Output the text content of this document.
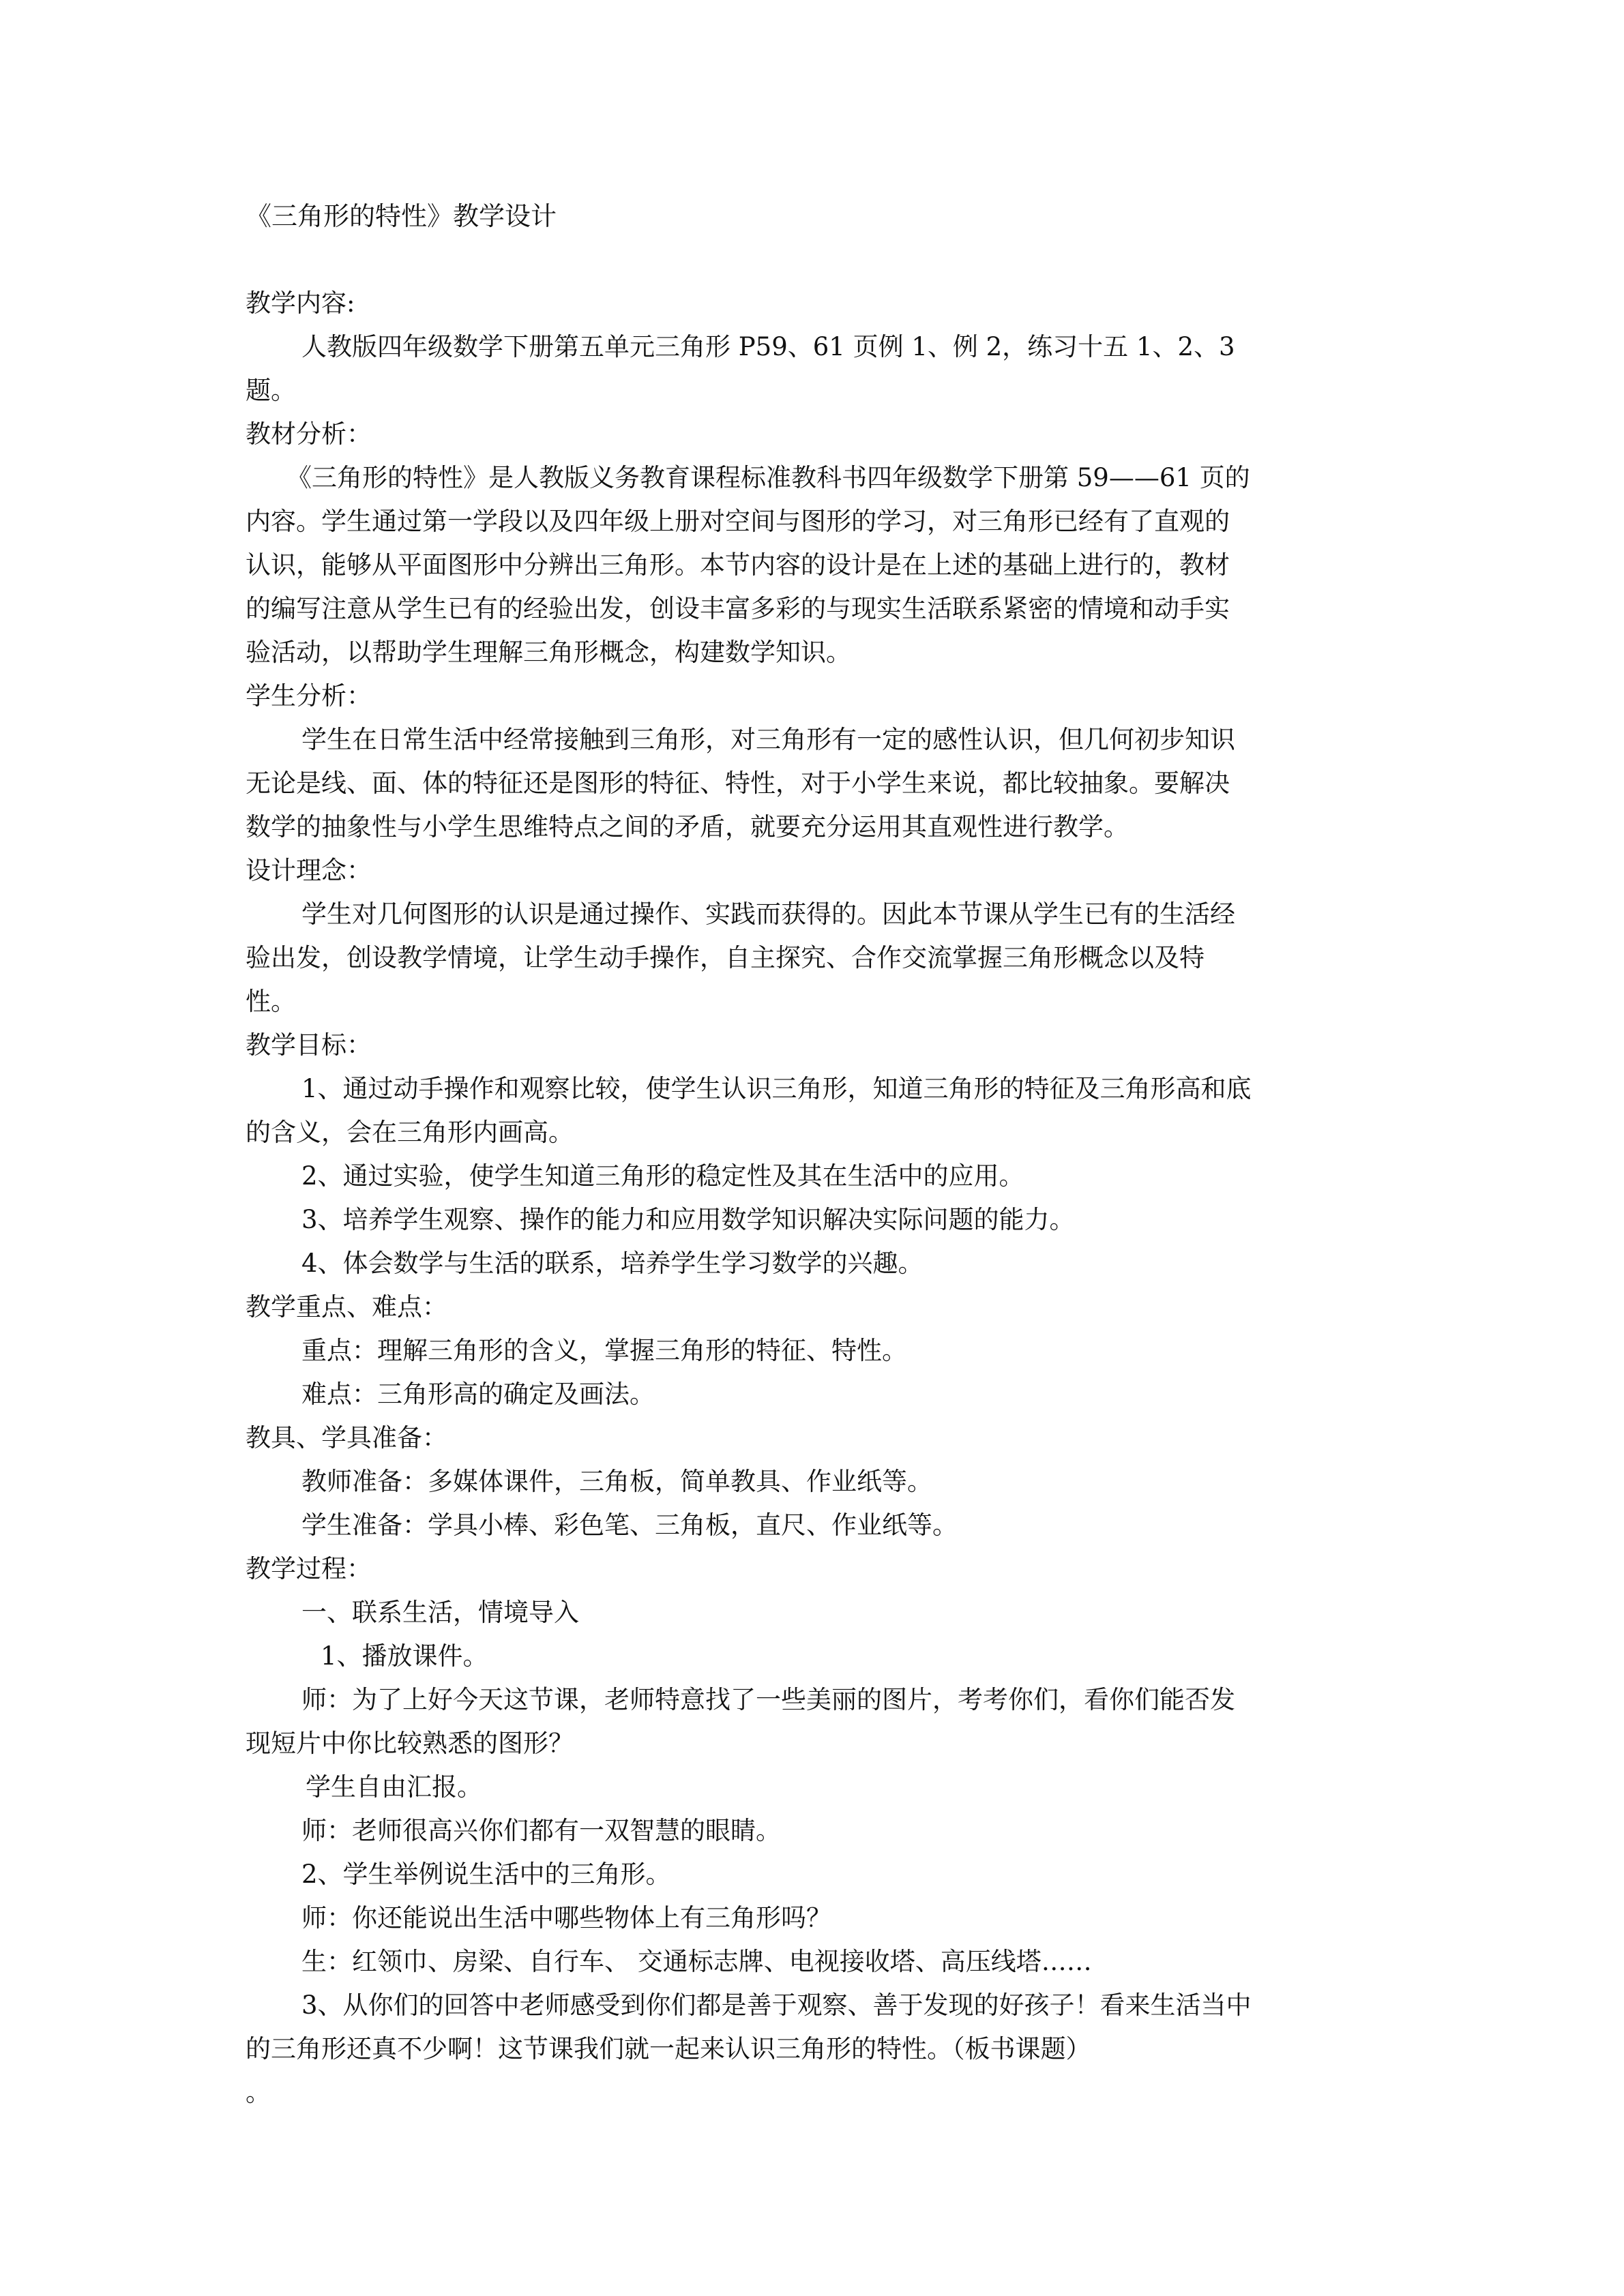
《三角形的特性》教学设计
教学内容:
人教版四年级数学下册第五单元三角形 P59、61 页例 1、例 2，练习十五 1、2、3
题。
教材分析：
《三角形的特性》是人教版义务教育课程标准教科书四年级数学下册第 59——61 页的
内容。学生通过第一学段以及四年级上册对空间与图形的学习，对三角形已经有了直观的
认识，能够从平面图形中分辨出三角形。本节内容的设计是在上述的基础上进行的，教材
的编写注意从学生已有的经验出发，创设丰富多彩的与现实生活联系紧密的情境和动手实
验活动，以帮助学生理解三角形概念，构建数学知识。
学生分析：
学生在日常生活中经常接触到三角形，对三角形有一定的感性认识，但几何初步知识
无论是线、面、体的特征还是图形的特征、特性，对于小学生来说，都比较抽象。要解决
数学的抽象性与小学生思维特点之间的矛盾，就要充分运用其直观性进行教学。
设计理念：
学生对几何图形的认识是通过操作、实践而获得的。因此本节课从学生已有的生活经
验出发，创设教学情境，让学生动手操作，自主探究、合作交流掌握三角形概念以及特
性。
教学目标：
1、通过动手操作和观察比较，使学生认识三角形，知道三角形的特征及三角形高和底
的含义，会在三角形内画高。
2、通过实验，使学生知道三角形的稳定性及其在生活中的应用。
3、培养学生观察、操作的能力和应用数学知识解决实际问题的能力。
4、体会数学与生活的联系，培养学生学习数学的兴趣。
教学重点、难点：
重点：理解三角形的含义，掌握三角形的特征、特性。
难点：三角形高的确定及画法。
教具、学具准备：
教师准备：多媒体课件，三角板，简单教具、作业纸等。
学生准备：学具小棒、彩色笔、三角板，直尺、作业纸等。
教学过程：
一、联系生活，情境导入
1、播放课件。
师：为了上好今天这节课，老师特意找了一些美丽的图片，考考你们，看你们能否发
现短片中你比较熟悉的图形？
学生自由汇报。
师：老师很高兴你们都有一双智慧的眼睛。
2、学生举例说生活中的三角形。
师：你还能说出生活中哪些物体上有三角形吗？
生：红领巾、房梁、自行车、 交通标志牌、电视接收塔、高压线塔……
3、从你们的回答中老师感受到你们都是善于观察、善于发现的好孩子！看来生活当中
的三角形还真不少啊！这节课我们就一起来认识三角形的特性。（板书课题）
。
